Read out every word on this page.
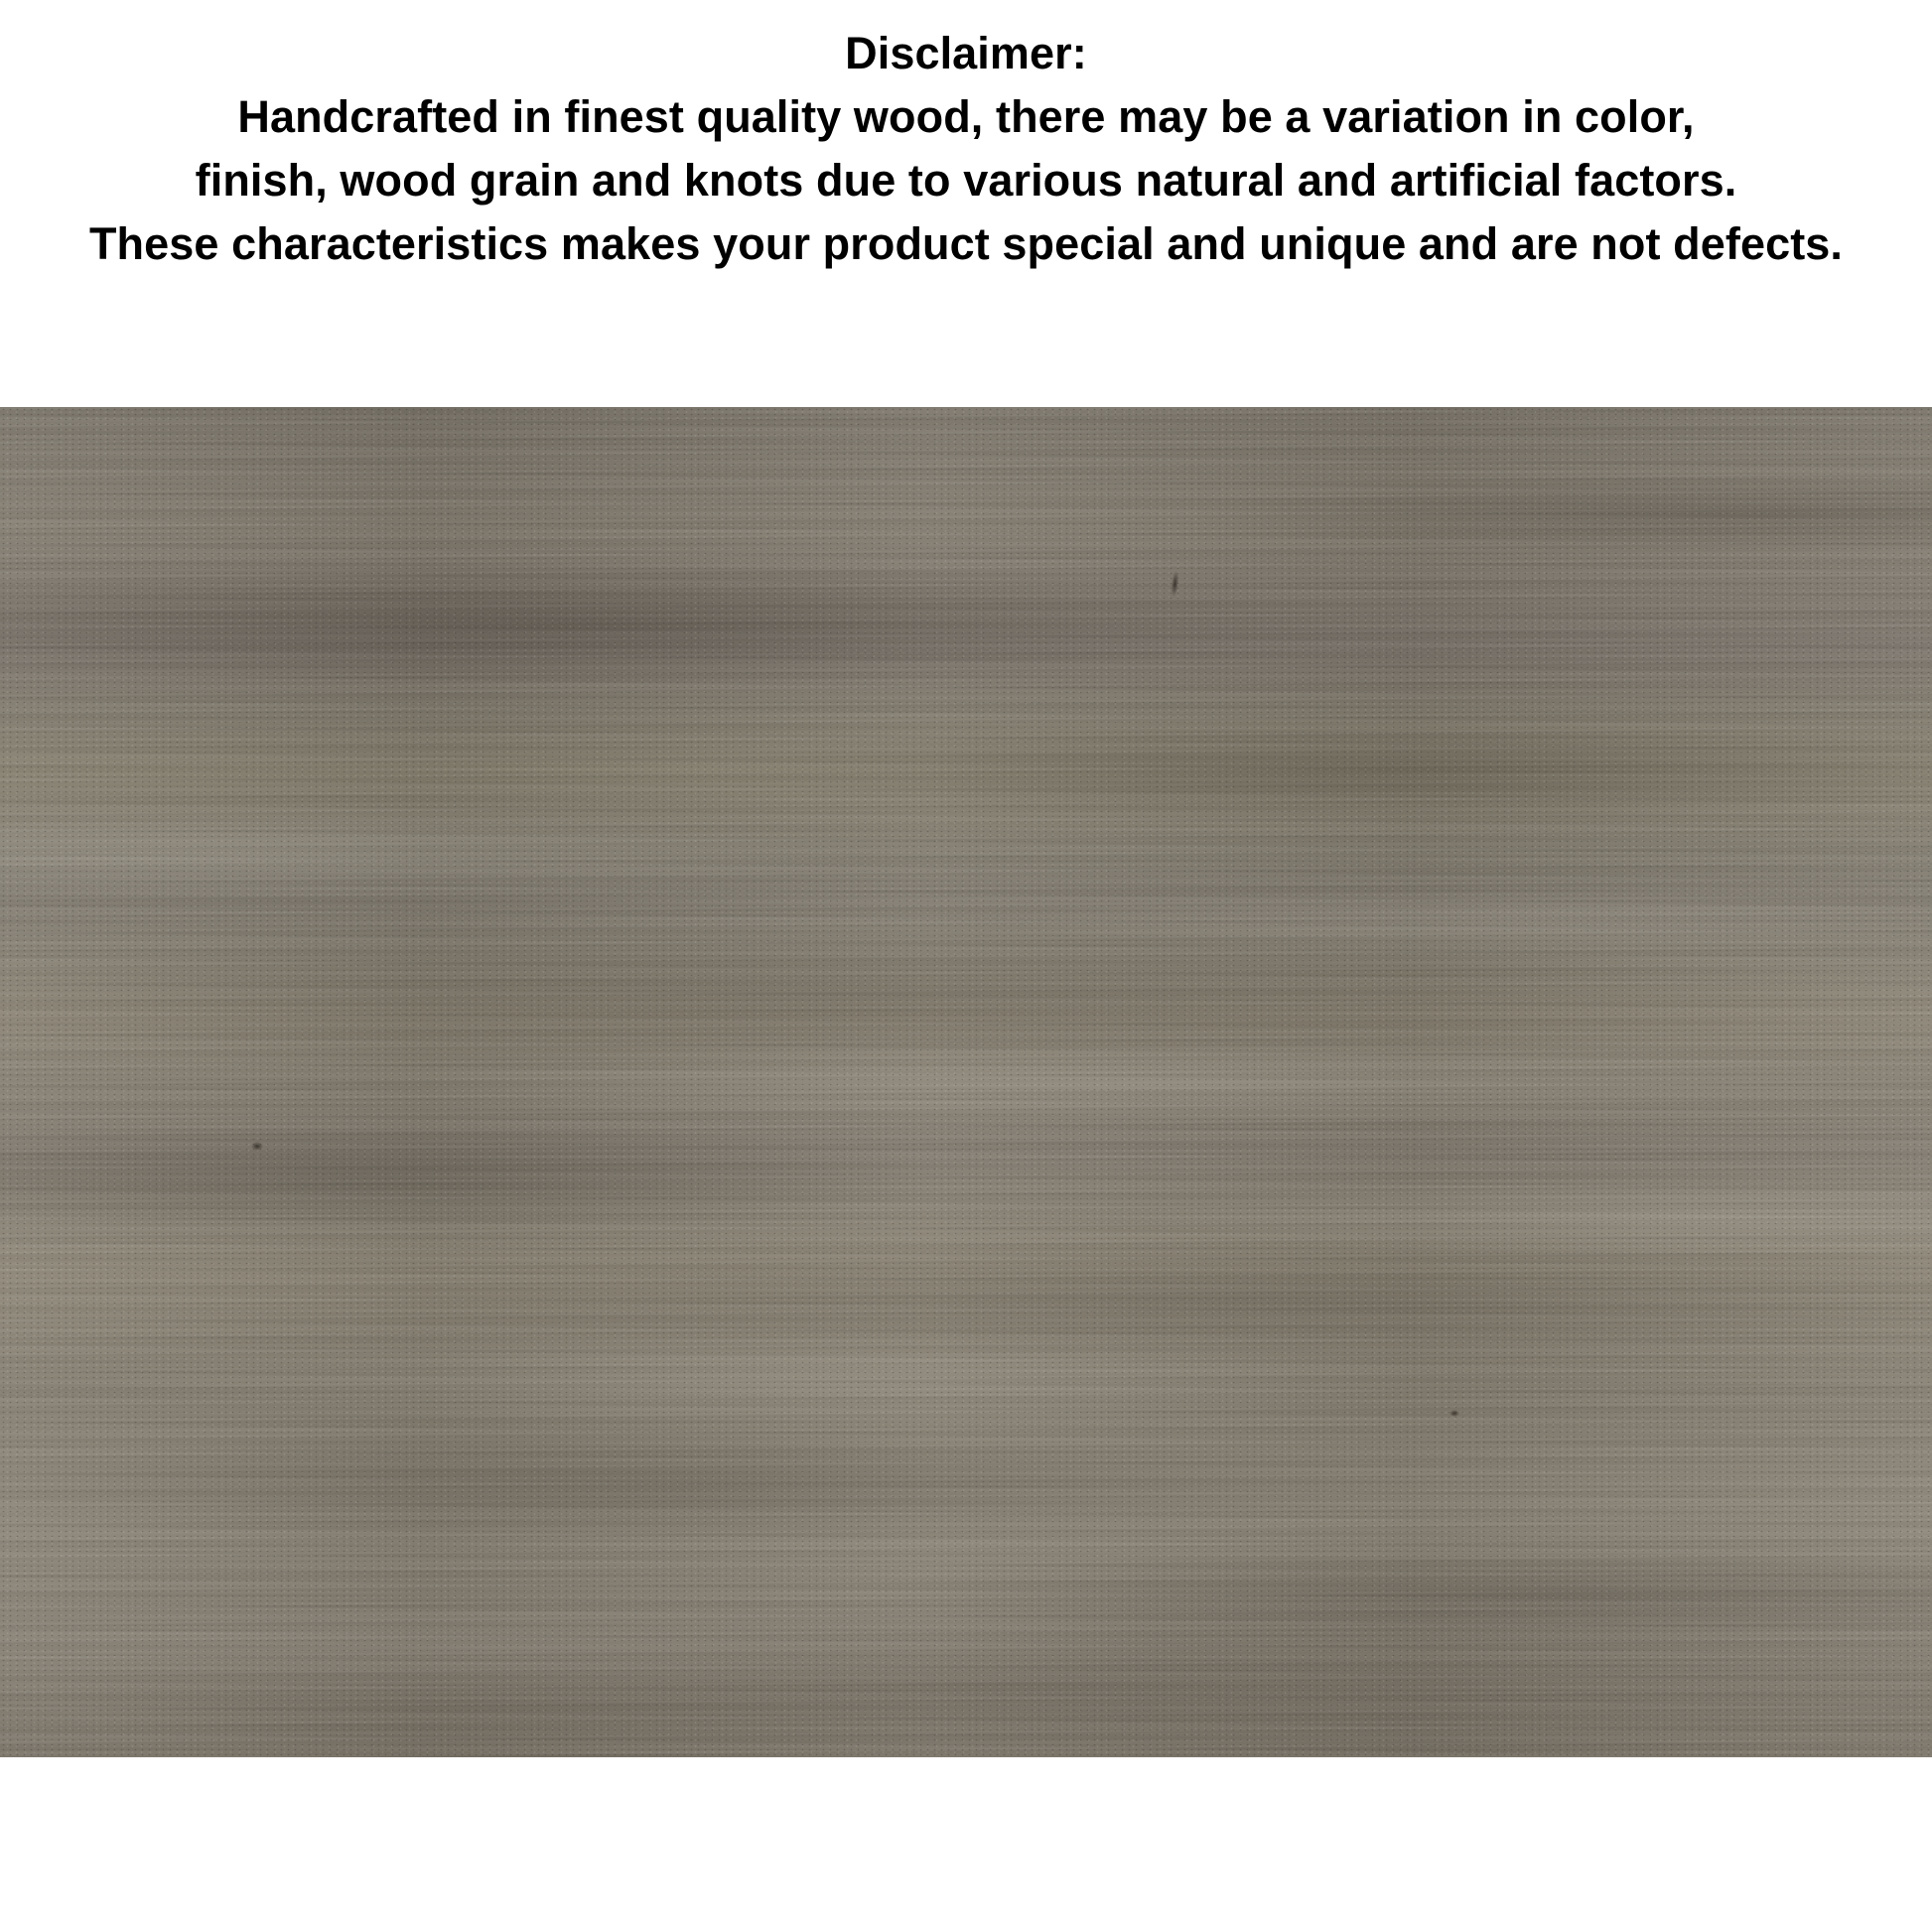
Disclaimer:
Handcrafted in finest quality wood, there may be a variation in color,
finish, wood grain and knots due to various natural and artificial factors.
These characteristics makes your product special and unique and are not defects.
